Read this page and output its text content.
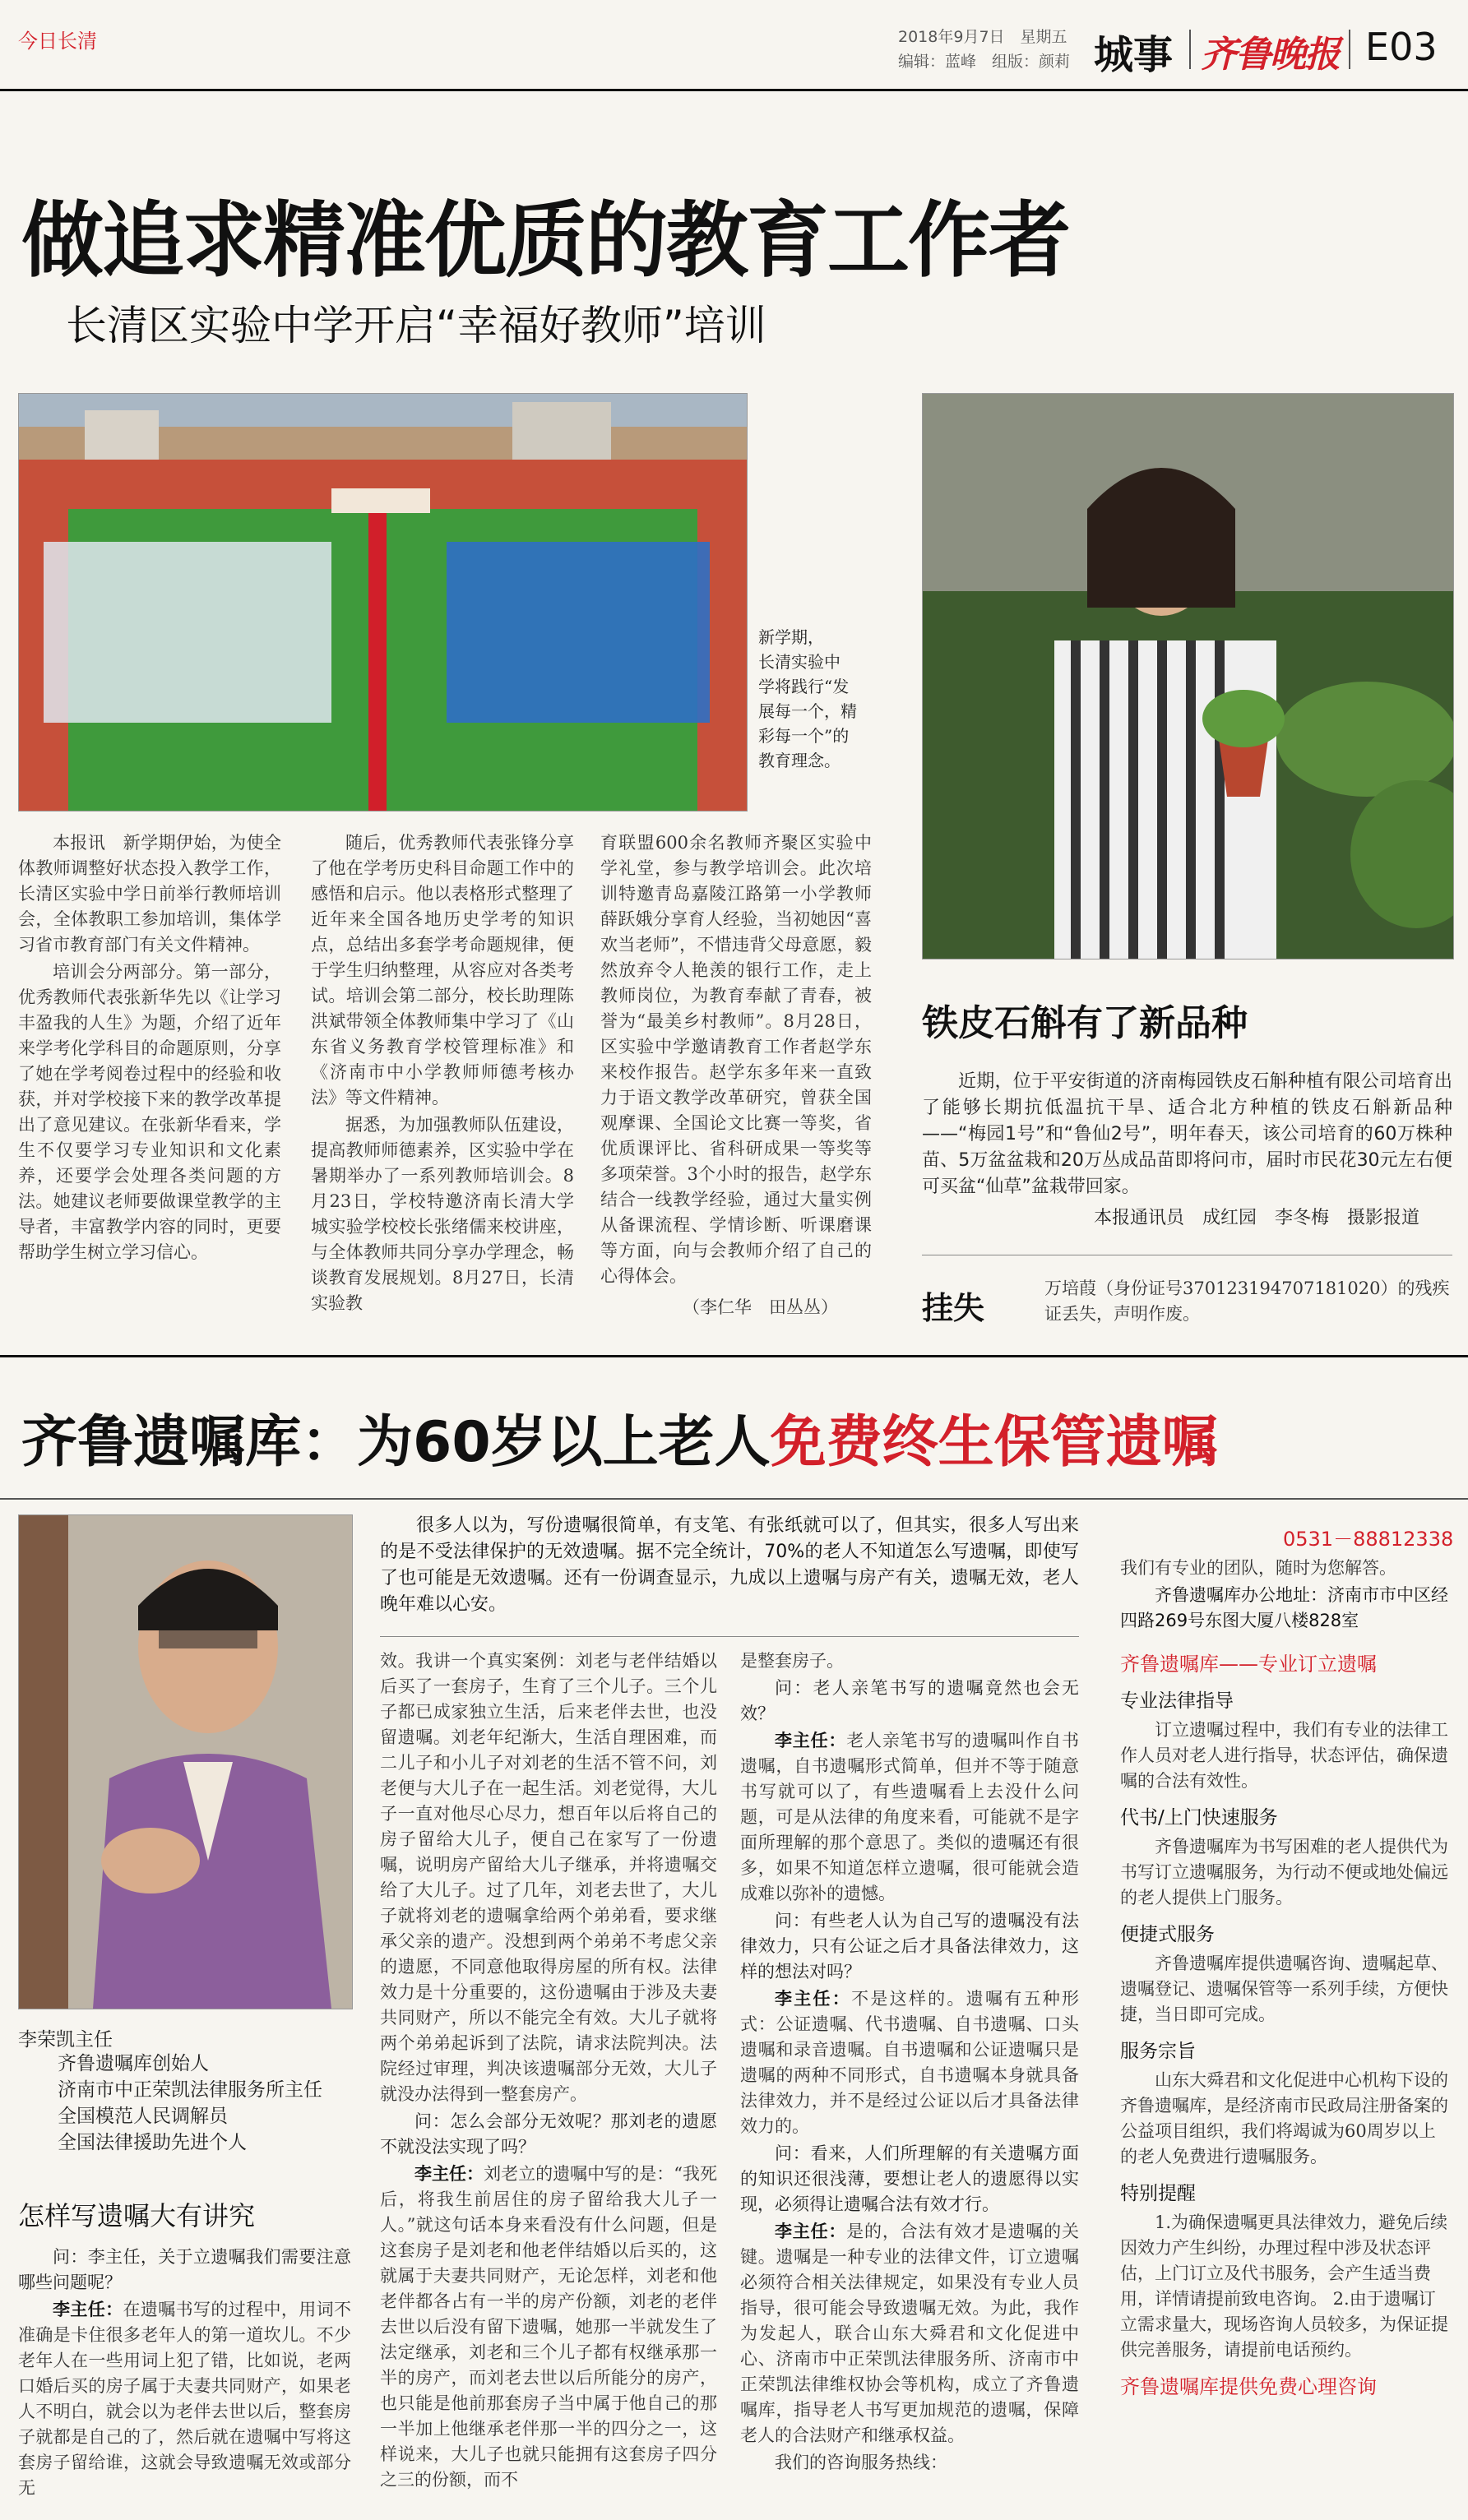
今日长清	2018年9月7日　星期五
编辑：蓝峰　组版：颜莉 城事 齐鲁晚报 E03
做追求精准优质的教育工作者
长清区实验中学开启“幸福好教师”培训
新学期，
长清实验中
学将践行“发
展每一个，精
彩每一个”的
教育理念。

本报讯　新学期伊始，为使全体教师调整好状态投入教学工作，长清区实验中学日前举行教师培训会，全体教职工参加培训，集体学习省市教育部门有关文件精神。

培训会分两部分。第一部分，优秀教师代表张新华先以《让学习丰盈我的人生》为题，介绍了近年来学考化学科目的命题原则，分享了她在学考阅卷过程中的经验和收获，并对学校接下来的教学改革提出了意见建议。在张新华看来，学生不仅要学习专业知识和文化素养，还要学会处理各类问题的方法。她建议老师要做课堂教学的主导者，丰富教学内容的同时，更要帮助学生树立学习信心。

随后，优秀教师代表张锋分享了他在学考历史科目命题工作中的感悟和启示。他以表格形式整理了近年来全国各地历史学考的知识点，总结出多套学考命题规律，便于学生归纳整理，从容应对各类考试。培训会第二部分，校长助理陈洪斌带领全体教师集中学习了《山东省义务教育学校管理标准》和《济南市中小学教师师德考核办法》等文件精神。

据悉，为加强教师队伍建设，提高教师师德素养，区实验中学在暑期举办了一系列教师培训会。8月23日，学校特邀济南长清大学城实验学校校长张绪儒来校讲座，与全体教师共同分享办学理念，畅谈教育发展规划。8月27日，长清实验教

育联盟600余名教师齐聚区实验中学礼堂，参与教学培训会。此次培训特邀青岛嘉陵江路第一小学教师薛跃娥分享育人经验，当初她因“喜欢当老师”，不惜违背父母意愿，毅然放弃令人艳羡的银行工作，走上教师岗位，为教育奉献了青春，被誉为“最美乡村教师”。8月28日，区实验中学邀请教育工作者赵学东来校作报告。赵学东多年来一直致力于语文教学改革研究，曾获全国观摩课、全国论文比赛一等奖，省优质课评比、省科研成果一等奖等多项荣誉。3个小时的报告，赵学东结合一线教学经验，通过大量实例从备课流程、学情诊断、听课磨课等方面，向与会教师介绍了自己的心得体会。

（李仁华　田丛丛）
铁皮石斛有了新品种

近期，位于平安街道的济南梅园铁皮石斛种植有限公司培育出了能够长期抗低温抗干旱、适合北方种植的铁皮石斛新品种——“梅园1号”和“鲁仙2号”，明年春天，该公司培育的60万株种苗、5万盆盆栽和20万丛成品苗即将问市，届时市民花30元左右便可买盆“仙草”盆栽带回家。

本报通讯员　成红园　李冬梅　摄影报道
挂失
万培葭（身份证号370123194707181020）的残疾证丢失，声明作废。
齐鲁遗嘱库：为60岁以上老人免费终生保管遗嘱
李荣凯主任
齐鲁遗嘱库创始人
济南市中正荣凯法律服务所主任
全国模范人民调解员
全国法律援助先进个人
怎样写遗嘱大有讲究

问：李主任，关于立遗嘱我们需要注意哪些问题呢？

李主任：在遗嘱书写的过程中，用词不准确是卡住很多老年人的第一道坎儿。不少老年人在一些用词上犯了错，比如说，老两口婚后买的房子属于夫妻共同财产，如果老人不明白，就会以为老伴去世以后，整套房子就都是自己的了，然后就在遗嘱中写将这套房子留给谁，这就会导致遗嘱无效或部分无

很多人以为，写份遗嘱很简单，有支笔、有张纸就可以了，但其实，很多人写出来的是不受法律保护的无效遗嘱。据不完全统计，70%的老人不知道怎么写遗嘱，即使写了也可能是无效遗嘱。还有一份调查显示，九成以上遗嘱与房产有关，遗嘱无效，老人晚年难以心安。

效。我讲一个真实案例：刘老与老伴结婚以后买了一套房子，生育了三个儿子。三个儿子都已成家独立生活，后来老伴去世，也没留遗嘱。刘老年纪渐大，生活自理困难，而二儿子和小儿子对刘老的生活不管不问，刘老便与大儿子在一起生活。刘老觉得，大儿子一直对他尽心尽力，想百年以后将自己的房子留给大儿子，便自己在家写了一份遗嘱，说明房产留给大儿子继承，并将遗嘱交给了大儿子。过了几年，刘老去世了，大儿子就将刘老的遗嘱拿给两个弟弟看，要求继承父亲的遗产。没想到两个弟弟不考虑父亲的遗愿，不同意他取得房屋的所有权。法律效力是十分重要的，这份遗嘱由于涉及夫妻共同财产，所以不能完全有效。大儿子就将两个弟弟起诉到了法院，请求法院判决。法院经过审理，判决该遗嘱部分无效，大儿子就没办法得到一整套房产。

问：怎么会部分无效呢？那刘老的遗愿不就没法实现了吗？

李主任：刘老立的遗嘱中写的是：“我死后，将我生前居住的房子留给我大儿子一人。”就这句话本身来看没有什么问题，但是这套房子是刘老和他老伴结婚以后买的，这就属于夫妻共同财产，无论怎样，刘老和他老伴都各占有一半的房产份额，刘老的老伴去世以后没有留下遗嘱，她那一半就发生了法定继承，刘老和三个儿子都有权继承那一半的房产，而刘老去世以后所能分的房产，也只能是他前那套房子当中属于他自己的那一半加上他继承老伴那一半的四分之一，这样说来，大儿子也就只能拥有这套房子四分之三的份额，而不

是整套房子。

问：老人亲笔书写的遗嘱竟然也会无效？

李主任：老人亲笔书写的遗嘱叫作自书遗嘱，自书遗嘱形式简单，但并不等于随意书写就可以了，有些遗嘱看上去没什么问题，可是从法律的角度来看，可能就不是字面所理解的那个意思了。类似的遗嘱还有很多，如果不知道怎样立遗嘱，很可能就会造成难以弥补的遗憾。

问：有些老人认为自己写的遗嘱没有法律效力，只有公证之后才具备法律效力，这样的想法对吗？

李主任：不是这样的。遗嘱有五种形式：公证遗嘱、代书遗嘱、自书遗嘱、口头遗嘱和录音遗嘱。自书遗嘱和公证遗嘱只是遗嘱的两种不同形式，自书遗嘱本身就具备法律效力，并不是经过公证以后才具备法律效力的。

问：看来，人们所理解的有关遗嘱方面的知识还很浅薄，要想让老人的遗愿得以实现，必须得让遗嘱合法有效才行。

李主任：是的，合法有效才是遗嘱的关键。遗嘱是一种专业的法律文件，订立遗嘱必须符合相关法律规定，如果没有专业人员指导，很可能会导致遗嘱无效。为此，我作为发起人，联合山东大舜君和文化促进中心、济南市中正荣凯法律服务所、济南市中正荣凯法律维权协会等机构，成立了齐鲁遗嘱库，指导老人书写更加规范的遗嘱，保障老人的合法财产和继承权益。

我们的咨询服务热线：

0531－88812338
我们有专业的团队，随时为您解答。
齐鲁遗嘱库办公地址：济南市市中区经四路269号东图大厦八楼828室
齐鲁遗嘱库——专业订立遗嘱
专业法律指导
订立遗嘱过程中，我们有专业的法律工作人员对老人进行指导，状态评估，确保遗嘱的合法有效性。
代书/上门快速服务
齐鲁遗嘱库为书写困难的老人提供代为书写订立遗嘱服务，为行动不便或地处偏远的老人提供上门服务。
便捷式服务
齐鲁遗嘱库提供遗嘱咨询、遗嘱起草、遗嘱登记、遗嘱保管等一系列手续，方便快捷，当日即可完成。
服务宗旨
山东大舜君和文化促进中心机构下设的齐鲁遗嘱库，是经济南市民政局注册备案的公益项目组织，我们将竭诚为60周岁以上的老人免费进行遗嘱服务。
特别提醒
1.为确保遗嘱更具法律效力，避免后续因效力产生纠纷，办理过程中涉及状态评估，上门订立及代书服务，会产生适当费用，详情请提前致电咨询。 2.由于遗嘱订立需求量大，现场咨询人员较多，为保证提供完善服务，请提前电话预约。
齐鲁遗嘱库提供免费心理咨询
